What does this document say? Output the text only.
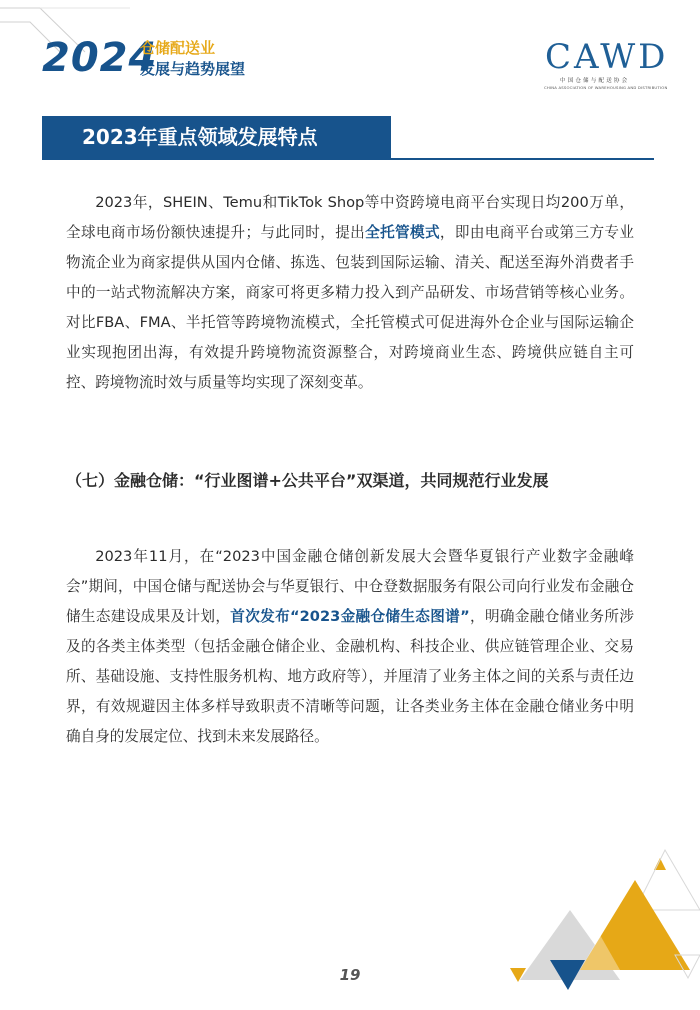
2024
仓储配送业
发展与趋势展望	CAWD
中国仓储与配送协会
CHINA ASSOCIATION OF WAREHOUSING AND DISTRIBUTION
2023年重点领域发展特点

2023年，SHEIN、Temu和TikTok Shop等中资跨境电商平台实现日均200万单，全球电商市场份额快速提升；与此同时，提出全托管模式，即由电商平台或第三方专业物流企业为商家提供从国内仓储、拣选、包装到国际运输、清关、配送至海外消费者手中的一站式物流解决方案，商家可将更多精力投入到产品研发、市场营销等核心业务。对比FBA、FMA、半托管等跨境物流模式，全托管模式可促进海外仓企业与国际运输企业实现抱团出海，有效提升跨境物流资源整合，对跨境商业生态、跨境供应链自主可控、跨境物流时效与质量等均实现了深刻变革。

（七）金融仓储：“行业图谱+公共平台”双渠道，共同规范行业发展

2023年11月，在“2023中国金融仓储创新发展大会暨华夏银行产业数字金融峰会”期间，中国仓储与配送协会与华夏银行、中仓登数据服务有限公司向行业发布金融仓储生态建设成果及计划，首次发布“2023金融仓储生态图谱”，明确金融仓储业务所涉及的各类主体类型（包括金融仓储企业、金融机构、科技企业、供应链管理企业、交易所、基础设施、支持性服务机构、地方政府等），并厘清了业务主体之间的关系与责任边界，有效规避因主体多样导致职责不清晰等问题，让各类业务主体在金融仓储业务中明确自身的发展定位、找到未来发展路径。

19
